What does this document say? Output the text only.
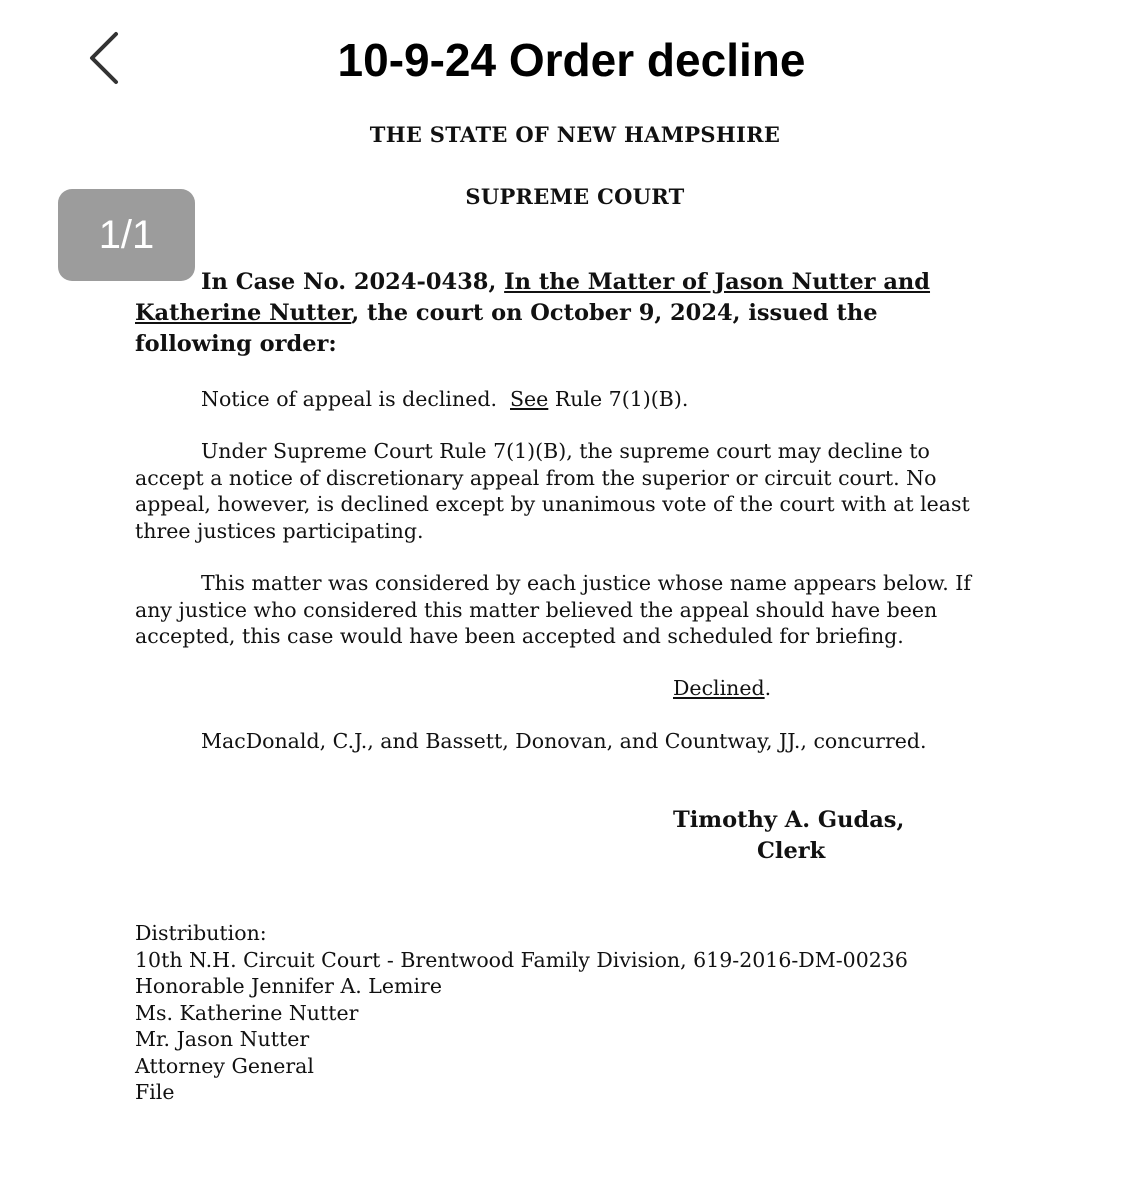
10-9-24 Order decline
1/1
THE STATE OF NEW HAMPSHIRE
SUPREME COURT
In Case No. 2024-0438, In the Matter of Jason Nutter and
Katherine Nutter, the court on October 9, 2024, issued the
following order:
Notice of appeal is declined.  See Rule 7(1)(B).
Under Supreme Court Rule 7(1)(B), the supreme court may decline to
accept a notice of discretionary appeal from the superior or circuit court. No
appeal, however, is declined except by unanimous vote of the court with at least
three justices participating.
This matter was considered by each justice whose name appears below. If
any justice who considered this matter believed the appeal should have been
accepted, this case would have been accepted and scheduled for briefing.
Declined.
MacDonald, C.J., and Bassett, Donovan, and Countway, JJ., concurred.
Timothy A. Gudas,
Clerk
Distribution:
10th N.H. Circuit Court - Brentwood Family Division, 619-2016-DM-00236
Honorable Jennifer A. Lemire
Ms. Katherine Nutter
Mr. Jason Nutter
Attorney General
File
